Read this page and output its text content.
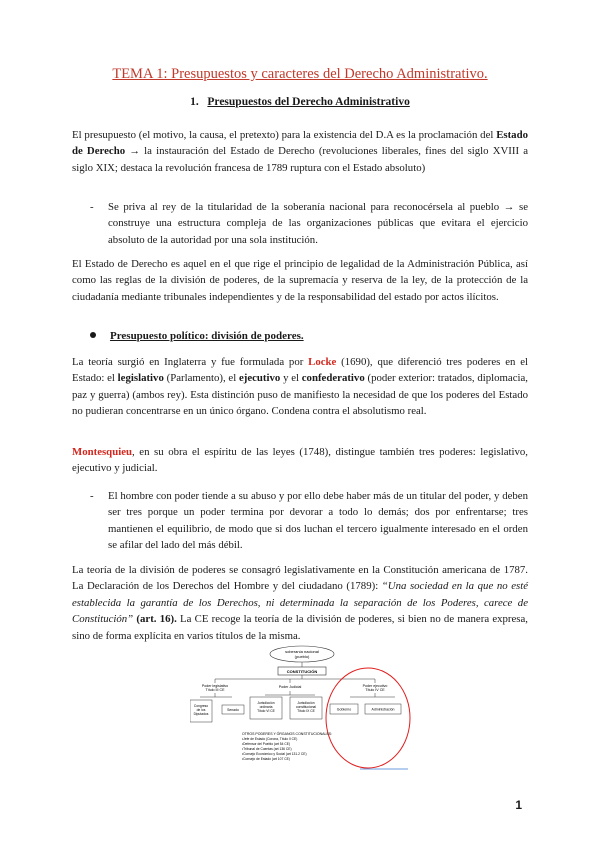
TEMA 1: Presupuestos y caracteres del Derecho Administrativo.
1. Presupuestos del Derecho Administrativo

El presupuesto (el motivo, la causa, el pretexto) para la existencia del D.A es la proclamación del Estado de Derecho → la instauración del Estado de Derecho (revoluciones liberales, fines del siglo XVIII a siglo XIX; destaca la revolución francesa de 1789 ruptura con el Estado absoluto)

- Se priva al rey de la titularidad de la soberanía nacional para reconocérsela al pueblo → se construye una estructura compleja de las organizaciones públicas que evitara el ejercicio absoluto de la autoridad por una sola institución.

El Estado de Derecho es aquel en el que rige el principio de legalidad de la Administración Pública, así como las reglas de la división de poderes, de la supremacía y reserva de la ley, de la protección de la ciudadanía mediante tribunales independientes y de la responsabilidad del estado por actos ilícitos.

Presupuesto político: división de poderes.

La teoría surgió en Inglaterra y fue formulada por Locke (1690), que diferenció tres poderes en el Estado: el legislativo (Parlamento), el ejecutivo y el confederativo (poder exterior: tratados, diplomacia, paz y guerra) (ambos rey). Esta distinción puso de manifiesto la necesidad de que los poderes del Estado no pudieran concentrarse en un único órgano. Condena contra el absolutismo real.

Montesquieu, en su obra el espíritu de las leyes (1748), distingue también tres poderes: legislativo, ejecutivo y judicial.

- El hombre con poder tiende a su abuso y por ello debe haber más de un titular del poder, y deben ser tres porque un poder termina por devorar a todo lo demás; dos por enfrentarse; tres mantienen el equilibrio, de modo que si dos luchan el tercero igualmente interesado en el orden se afilar del lado del más débil.

La teoría de la división de poderes se consagró legislativamente en la Constitución americana de 1787. La Declaración de los Derechos del Hombre y del ciudadano (1789): “Una sociedad en la que no esté establecida la garantía de los Derechos, ni determinada la separación de los Poderes, carece de Constitución” (art. 16). La CE recoge la teoría de la división de poderes, si bien no de manera expresa, sino de forma explícita en varios títulos de la misma.

soberanía nacional
(pueblo)
CONSTITUCIÓN
Poder legislativo
Título III CE
Poder Judicial	Poder ejecutivo
Título IV CE
Congreso
de los
Diputados
Senado
Jurisdicción
ordinaria
Título VI CE
Jurisdicción
constitucional
Título IX CE	Gobierno	Administración
OTROS PODERES Y ÓRGANOS CONSTITUCIONALES:
•Jefe de Estado (Corona, Título II CE)
•Defensor del Pueblo (art 54 CE)
•Tribunal de Cuentas (art 136 CE)
•Consejo Económico y Social (art 131.2 CE)
•Consejo de Estado (art 107 CE)
1
